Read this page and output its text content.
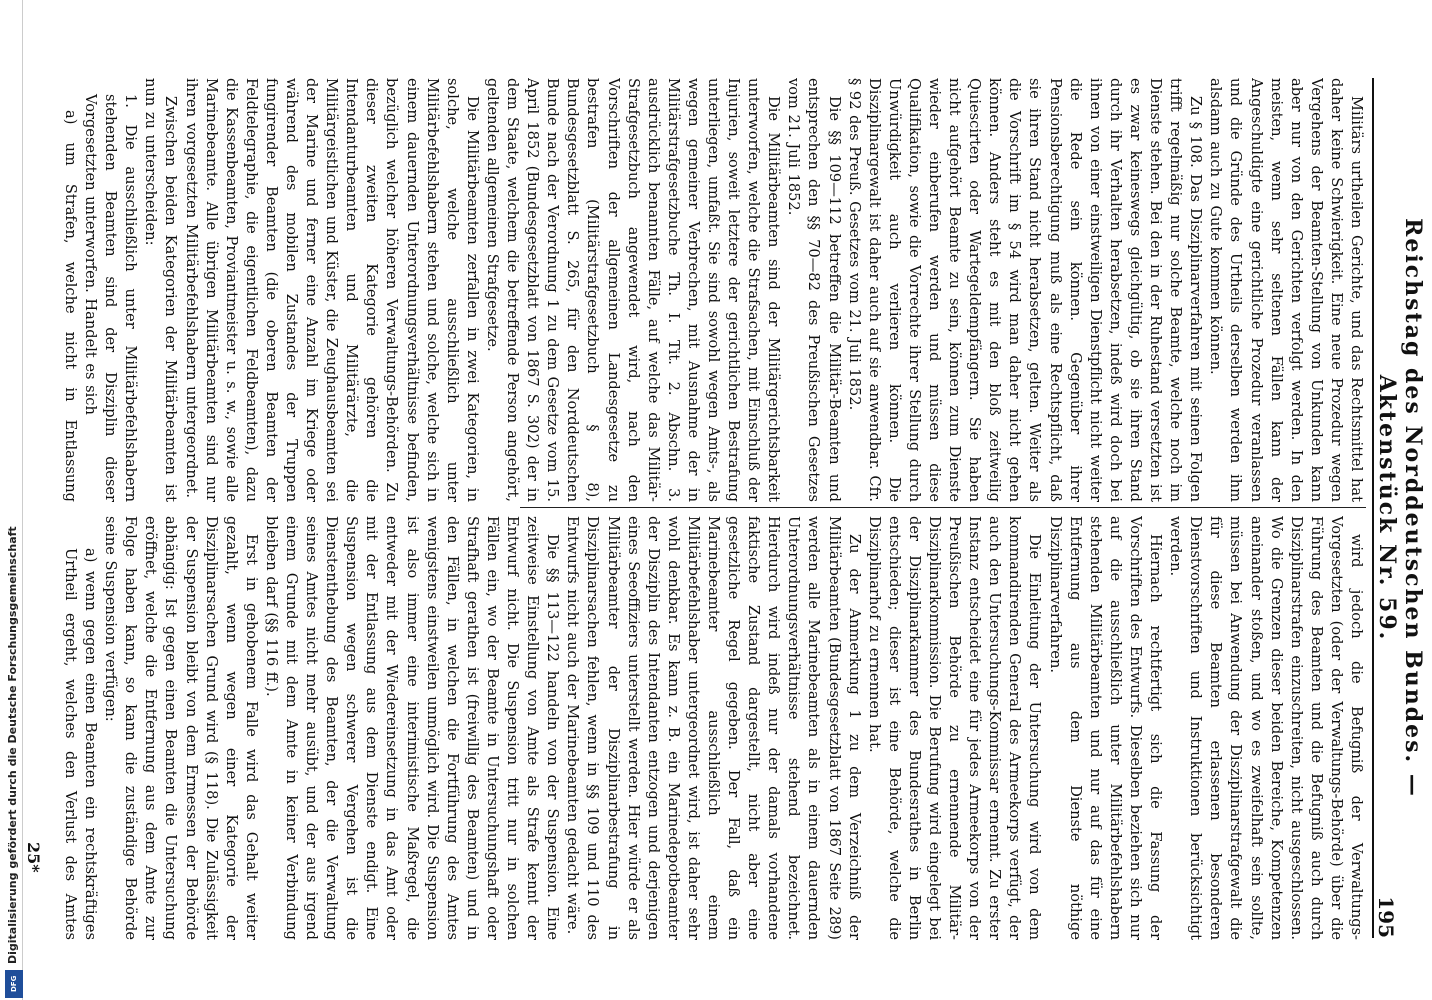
Digitalisierung gefördert durch die Deutsche Forschungsgemeinschaft
DFG
Reichstag des Norddeutschen Bundes. — Aktenstück Nr. 59.
195

Militärs urtheilen Gerichte, und das Rechtsmittel hat daher keine Schwierigkeit. Eine neue Prozedur wegen Vergehens der Beamten-Stellung von Unkunden kann aber nur von den Gerichten verfolgt werden. In den meisten, wenn sehr seltenen Fällen kann der Angeschuldigte eine gerichtliche Prozedur veranlassen und die Gründe des Urtheils derselben werden ihm alsdann auch zu Gute kommen können.

Zu § 108. Das Disziplinarverfahren mit seinen Folgen trifft regelmäßig nur solche Beamte, welche noch im Dienste stehen. Bei den in der Ruhestand versetzten ist es zwar keineswegs gleichgültig, ob sie ihren Stand durch ihr Verhalten herabsetzen, indeß wird doch bei ihnen von einer einstweiligen Dienstpflicht nicht weiter die Rede sein können. Gegenüber ihrer Pensionsberechtigung muß als eine Rechtspflicht, daß sie ihren Stand nicht herabsetzen, gelten. Weiter als die Vorschrift im § 54 wird man daher nicht gehen können. Anders steht es mit den bloß zeitweilig Quiescirten oder Wartegeldempfängern. Sie haben nicht aufgehört Beamte zu sein, können zum Dienste wieder einberufen werden und müssen diese Qualifikation, sowie die Vorrechte ihrer Stellung durch Unwürdigkeit auch verlieren können. Die Disziplinargewalt ist daher auch auf sie anwendbar. Cfr. § 92 des Preuß. Gesetzes vom 21. Juli 1852.

Die §§ 109—112 betreffen die Militär-Beamten und entsprechen den §§ 70—82 des Preußischen Gesetzes vom 21. Juli 1852.

Die Militärbeamten sind der Militärgerichtsbarkeit unterworfen, welche die Strafsachen, mit Einschluß der Injurien, soweit letztere der gerichtlichen Bestrafung unterliegen, umfaßt. Sie sind sowohl wegen Amts-, als wegen gemeiner Verbrechen, mit Ausnahme der in Militärstrafgesetzbuche Th. I. Tit. 2. Abschn. 3. ausdrücklich benannten Fälle, auf welche das Militär-Strafgesetzbuch angewendet wird, nach den Vorschriften der allgemeinen Landesgesetze zu bestrafen (Militärstrafgesetzbuch § 8), Bundesgesetzblatt S. 265, für den Norddeutschen Bunde nach der Verordnung 1 zu dem Gesetze vom 15. April 1852 (Bundesgesetzblatt von 1867 S. 302) der in dem Staate, welchem die betreffende Person angehört, geltenden allgemeinen Strafgesetze.

Die Militärbeamten zerfallen in zwei Kategorien, in solche, welche ausschließlich unter Militärbefehlshabern stehen und solche, welche sich in einem dauernden Unterordnungsverhältnisse befinden, bezüglich welcher höheren Verwaltungs-Behörden. Zu dieser zweiten Kategorie gehören die Intendanturbeamten und Militärärzte, die Militärgeistlichen und Küster, die Zeughausbeamten sei der Marine und ferner eine Anzahl im Kriege oder während des mobilen Zustandes der Truppen fungirender Beamten (die oberen Beamten der Feldtelegraphie, die eigentlichen Feldbeamten), dazu die Kassenbeamten, Proviantmeister u. s. w., sowie alle Marinebeamte. Alle übrigen Militärbeamten sind nur ihren vorgesetzten Militärbefehlshabern untergeordnet.

Zwischen beiden Kategorien der Militärbeamten ist nun zu unterscheiden:

1. Die ausschließlich unter Militärbefehlshabern stehenden Beamten sind der Disziplin dieser Vorgesetzten unterworfen. Handelt es sich

a) um Strafen, welche nicht in Entlassung

wird jedoch die Befugniß der Verwaltungs-Vorgesetzten (oder der Verwaltungs-Behörde) über die Führung des Beamten und die Befugniß auch durch Disziplinarstrafen einzuschreiten, nicht ausgeschlossen. Wo die Grenzen dieser beiden Bereiche, Kompetenzen aneinander stoßen, und wo es zweifelhaft sein sollte, müssen bei Anwendung der Disziplinarstrafgewalt die für diese Beamten erlassenen besonderen Dienstvorschriften und Instruktionen berücksichtigt werden.

Hiernach rechtfertigt sich die Fassung der Vorschriften des Entwurfs. Dieselben beziehen sich nur auf die ausschließlich unter Militärbefehlshabern stehenden Militärbeamten und nur auf das für eine Entfernung aus dem Dienste nöthige Disziplinarverfahren.

Die Einleitung der Untersuchung wird von dem kommandirenden General des Armeekorps verfügt, der auch den Untersuchungs-Kommissar ernennt. Zu erster Instanz entscheidet eine für jedes Armeekorps von der Preußischen Behörde zu ernennende Militär-Disziplinarkommission. Die Berufung wird eingelegt bei der Disziplinarkammer des Bundesrathes in Berlin entschieden; dieser ist eine Behörde, welche die Disziplinarhof zu ernennen hat.

Zu der Anmerkung 1 zu dem Verzeichniß der Militärbeamten (Bundesgesetzblatt von 1867 Seite 289) werden alle Marinebeamten als in einem dauernden Unterordnungsverhältnisse stehend bezeichnet. Hierdurch wird indeß nur der damals vorhandene faktische Zustand dargestellt, nicht aber eine gesetzliche Regel gegeben. Der Fall, daß ein Marinebeamter ausschließlich einem Militärbefehlshaber untergeordnet wird, ist daher sehr wohl denkbar. Es kann z. B. ein Marinedepotbeamter der Disziplin des Intendanten entzogen und derjenigen eines Seeoffiziers unterstellt werden. Hier würde er als Militärbeamter der Disziplinarbestrafung in Disziplinarsachen fehlen, wenn in §§ 109 und 110 des Entwurfs nicht auch der Marinebeamten gedacht wäre.

Die §§ 113—122 handeln von der Suspension. Eine zeitweise Einstellung von Amte als Strafe kennt der Entwurf nicht. Die Suspension tritt nur in solchen Fällen ein, wo der Beamte in Untersuchungshaft oder Strafhaft gerathen ist (freiwillig des Beamten) und in den Fällen, in welchen die Fortführung des Amtes wenigstens einstweilen unmöglich wird. Die Suspension ist also immer eine interimistische Maßregel, die entweder mit der Wiedereinsetzung in das Amt oder mit der Entlassung aus dem Dienste endigt. Eine Suspension wegen schwerer Vergehen ist die Dienstenthebung des Beamten, der die Verwaltung seines Amtes nicht mehr ausübt, und der aus irgend einem Grunde mit dem Amte in keiner Verbindung bleiben darf (§§ 116 ff.).

Erst in gehobenem Falle wird das Gehalt weiter gezahlt, wenn wegen einer Kategorie der Disziplinarsachen Grund wird (§ 118). Die Zulässigkeit der Suspension bleibt von dem Ermessen der Behörde abhängig: Ist gegen einen Beamten die Untersuchung eröffnet, welche die Entfernung aus dem Amte zur Folge haben kann, so kann die zuständige Behörde seine Suspension verfügen:

a) wenn gegen einen Beamten ein rechtskräftiges Urtheil ergeht, welches den Verlust des Amtes

25*
